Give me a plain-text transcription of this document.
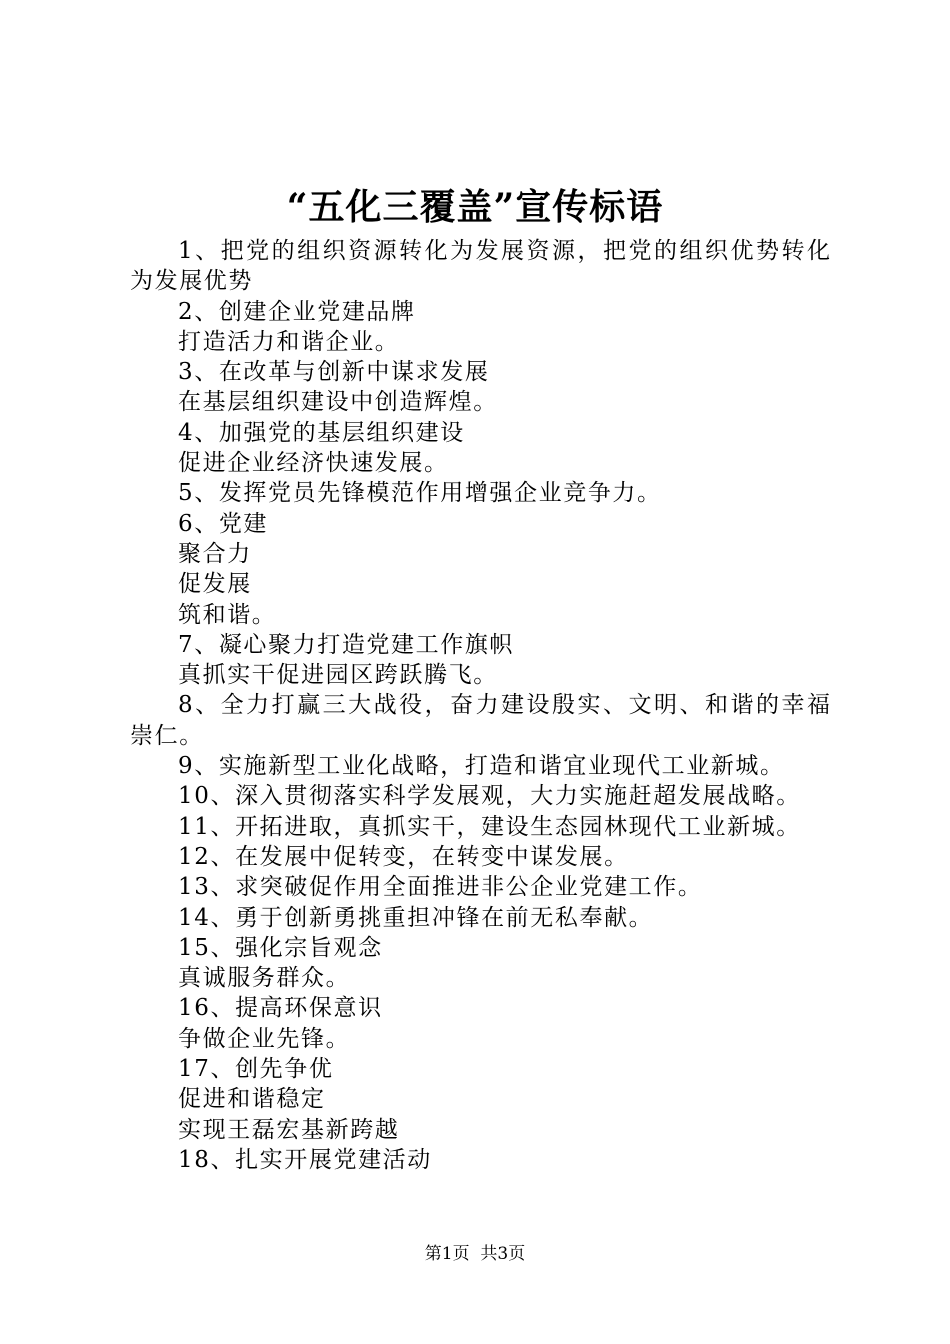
“五化三覆盖”宣传标语
1、把党的组织资源转化为发展资源，把党的组织优势转化
为发展优势
2、创建企业党建品牌
打造活力和谐企业。
3、在改革与创新中谋求发展
在基层组织建设中创造辉煌。
4、加强党的基层组织建设
促进企业经济快速发展。
5、发挥党员先锋模范作用增强企业竞争力。
6、党建
聚合力
促发展
筑和谐。
7、凝心聚力打造党建工作旗帜
真抓实干促进园区跨跃腾飞。
8、全力打赢三大战役，奋力建设殷实、文明、和谐的幸福
崇仁。
9、实施新型工业化战略，打造和谐宜业现代工业新城。
10、深入贯彻落实科学发展观，大力实施赶超发展战略。
11、开拓进取，真抓实干，建设生态园林现代工业新城。
12、在发展中促转变，在转变中谋发展。
13、求突破促作用全面推进非公企业党建工作。
14、勇于创新勇挑重担冲锋在前无私奉献。
15、强化宗旨观念
真诚服务群众。
16、提高环保意识
争做企业先锋。
17、创先争优
促进和谐稳定
实现王磊宏基新跨越
18、扎实开展党建活动
第1页  共3页
